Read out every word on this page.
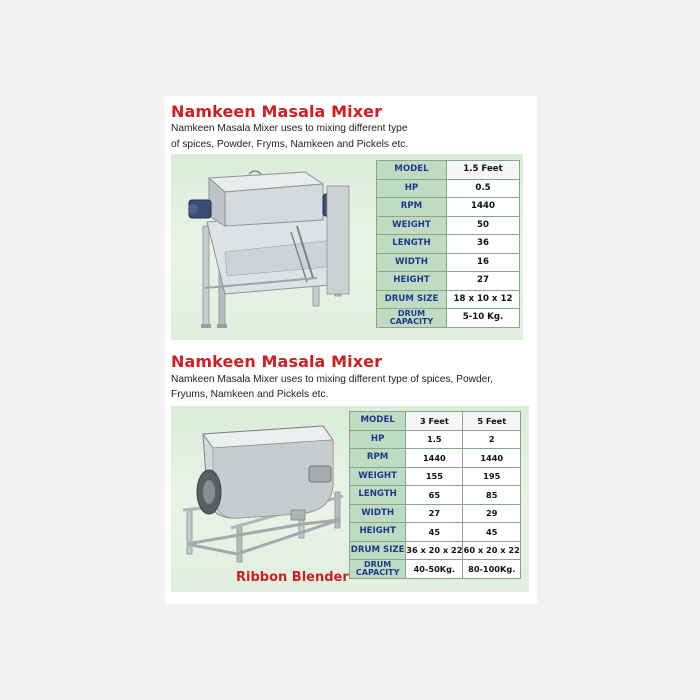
Namkeen Masala Mixer

Namkeen Masala Mixer uses to mixing different type

of spices, Powder, Fryms, Namkeen and Pickels etc.

MODEL	1.5 Feet
HP	0.5
RPM	1440
WEIGHT	50
LENGTH	36
WIDTH	16
HEIGHT	27
DRUM SIZE	18 x 10 x 12
DRUM
CAPACITY	5-10 Kg.
Namkeen Masala Mixer

Namkeen Masala Mixer uses to mixing different type of spices, Powder,

Fryums, Namkeen and Pickels etc.

Ribbon Blender
MODEL	3 Feet	5 Feet
HP	1.5	2
RPM	1440	1440
WEIGHT	155	195
LENGTH	65	85
WIDTH	27	29
HEIGHT	45	45
DRUM SIZE	36 x 20 x 22	60 x 20 x 22
DRUM
CAPACITY	40-50Kg.	80-100Kg.
